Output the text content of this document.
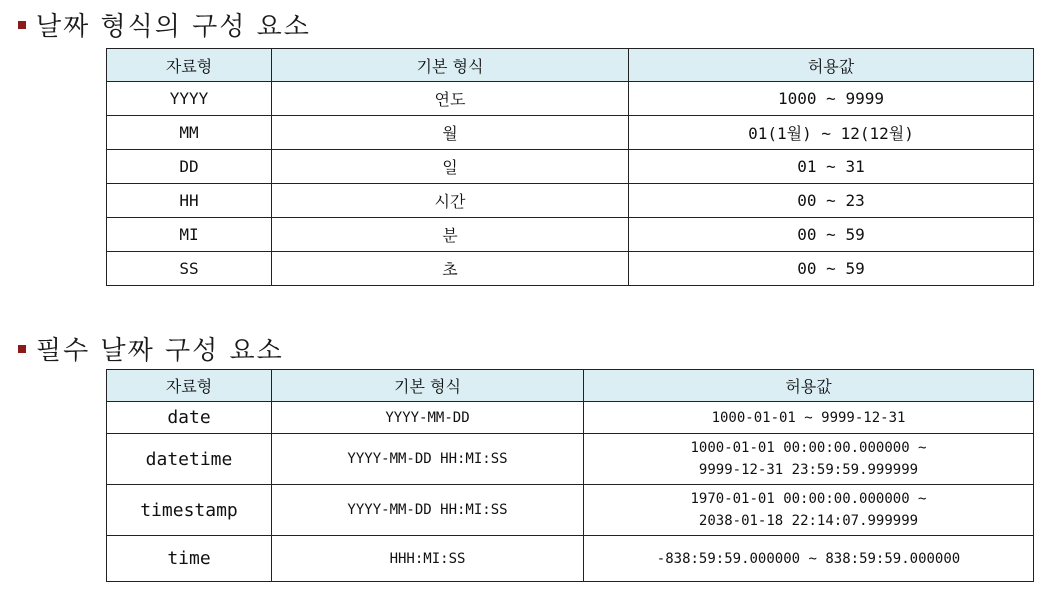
날짜 형식의 구성 요소
자료형	기본 형식	허용값
YYYY	연도	1000 ~ 9999
MM	월	01(1월) ~ 12(12월)
DD	일	01 ~ 31
HH	시간	00 ~ 23
MI	분	00 ~ 59
SS	초	00 ~ 59
필수 날짜 구성 요소
자료형	기본 형식	허용값
date	YYYY-MM-DD	1000-01-01 ~ 9999-12-31

datetime	YYYY-MM-DD HH:MI:SS	1000-01-01 00:00:00.000000 ~
9999-12-31 23:59:59.999999

timestamp	YYYY-MM-DD HH:MI:SS	1970-01-01 00:00:00.000000 ~
2038-01-18 22:14:07.999999

time	HHH:MI:SS	-838:59:59.000000 ~ 838:59:59.000000
